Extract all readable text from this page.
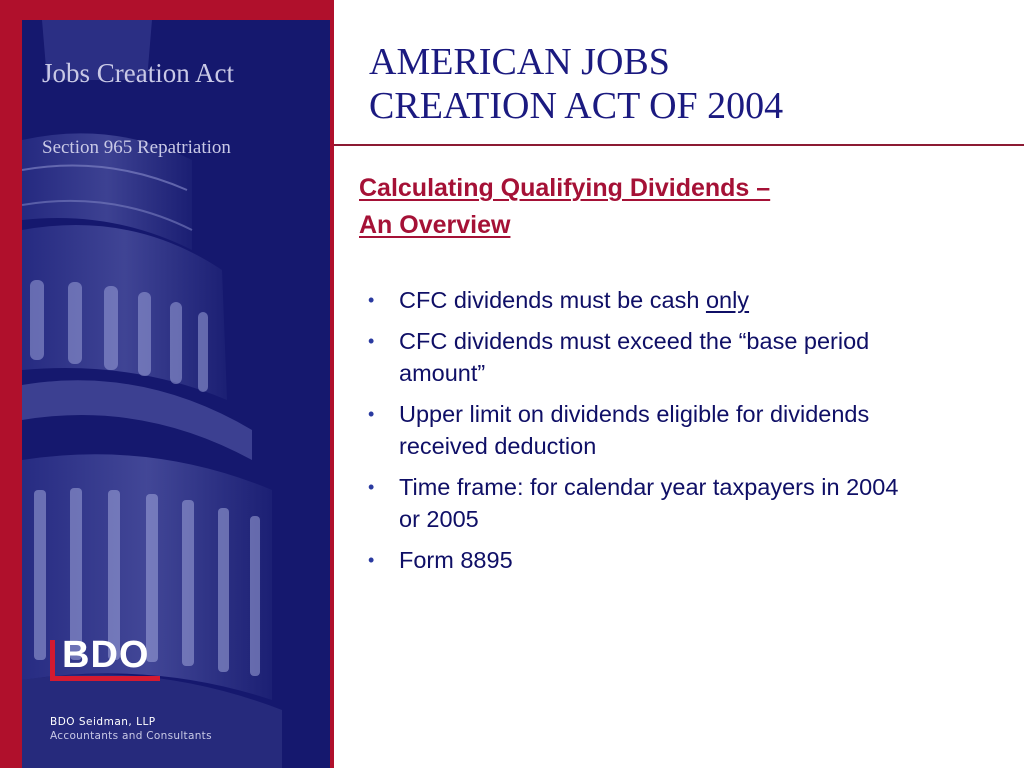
Jobs Creation Act

Section 965 Repatriation

BDO

BDO Seidman, LLP

Accountants and Consultants

AMERICAN JOBS
CREATION ACT OF 2004
Calculating Qualifying Dividends –
An Overview
• CFC dividends must be cash only
• CFC dividends must exceed the “base period
amount”
• Upper limit on dividends eligible for dividends
received deduction
• Time frame: for calendar year taxpayers in 2004
or 2005
• Form 8895
